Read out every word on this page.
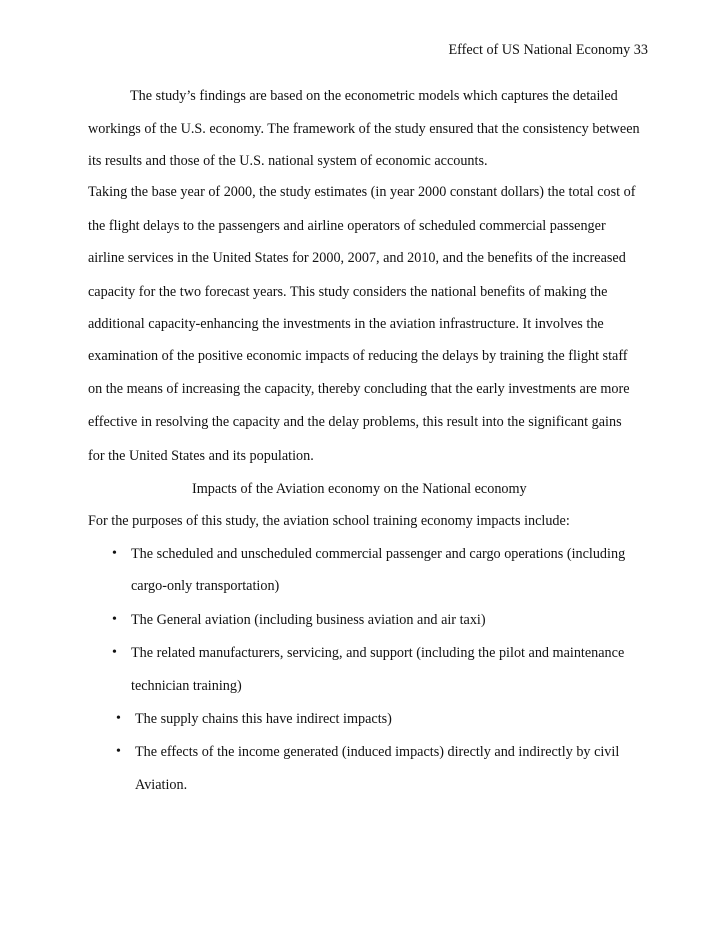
Effect of US National Economy 33
The study’s findings are based on the econometric models which captures the detailed
workings of the U.S. economy. The framework of the study ensured that the consistency between
its results and those of the U.S. national system of economic accounts.
Taking the base year of 2000, the study estimates (in year 2000 constant dollars) the total cost of
the flight delays to the passengers and airline operators of scheduled commercial passenger
airline services in the United States for 2000, 2007, and 2010, and the benefits of the increased
capacity for the two forecast years. This study considers the national benefits of making the
additional capacity-enhancing the investments in the aviation infrastructure. It involves the
examination of the positive economic impacts of reducing the delays by training the flight staff
on the means of increasing the capacity, thereby concluding that the early investments are more
effective in resolving the capacity and the delay problems, this result into the significant gains
for the United States and its population.
Impacts of the Aviation economy on the National economy
For the purposes of this study, the aviation school training economy impacts include:
• The scheduled and unscheduled commercial passenger and cargo operations (including
cargo-only transportation)
• The General aviation (including business aviation and air taxi)
• The related manufacturers, servicing, and support (including the pilot and maintenance
technician training)
• The supply chains this have indirect impacts)
• The effects of the income generated (induced impacts) directly and indirectly by civil
Aviation.
